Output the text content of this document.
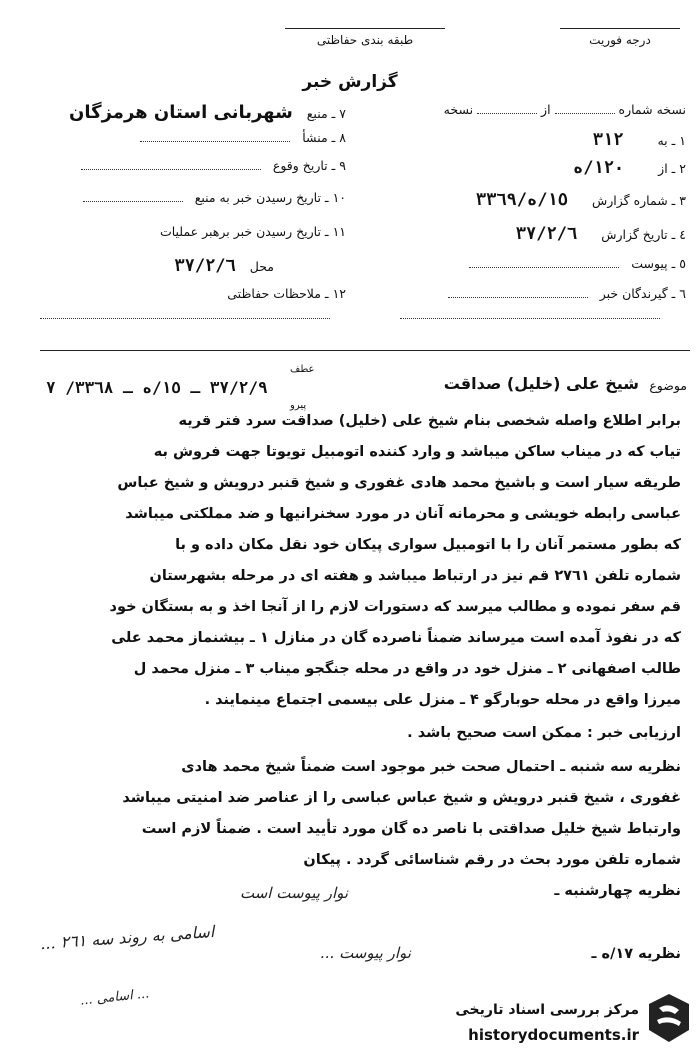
درجه فوریت
طبقه بندی حفاظتی
گزارش خبر
٧ ـ منبع شهربانی استان هرمزگان
٨ ـ منشأ
٩ ـ تاریخ وقوع
١٠ ـ تاریخ رسیدن خبر به منبع
١١ ـ تاریخ رسیدن خبر برهبر عملیات
محل ۳٧/٢/٦
١٢ ـ ملاحظات حفاظتی
نسخه شماره  از  نسخه
١ ـ به ٣١٢
٢ ـ از ١٢٠/ه
٣ ـ شماره گزارش ١٥/ه/٣٣٦٩
٤ ـ تاریخ گزارش ٣٧/٢/٦
٥ ـ پیوست
٦ ـ گیرندگان خبر
موضوع
شیخ علی (خلیل) صداقت
عطف
پیرو
۳٧/٢/٩ ـ ١٥/ه ـ ٣٣٦٨/ ٧
برابر اطلاع واصله شخصی بنام شیخ علی (خلیل) صداقت سرد فتر قریه
تیاب که در میناب ساکن میباشد و وارد کننده اتومبیل تویوتا جهت فروش به
طریقه سیار است و باشیخ محمد هادی غفوری و شیخ قنبر درویش و شیخ عباس
عباسی رابطه خویشی و محرمانه آنان در مورد سخنرانیها و ضد مملکتی میباشد
که بطور مستمر آنان را با اتومبیل سواری پیکان خود نقل مکان داده و با
شماره تلفن ٢٧٦١ قم نیز در ارتباط میباشد و هفته ای در مرحله بشهرستان
قم سفر نموده و مطالب میرسد که دستورات لازم را از آنجا اخذ و به بستگان خود
که در نفوذ آمده است میرساند ضمناً ناصرده گان در منازل ١ ـ بیشنماز محمد علی
طالب اصفهانی ٢ ـ منزل خود در واقع در محله جنگجو میناب ٣ ـ منزل محمد ل
میرزا واقع در محله حوبارگو ۴ ـ منزل علی بیسمی اجتماع مینمایند .
ارزیابی خبر : ممکن است صحیح باشد .
نظریه سه شنبه ـ احتمال صحت خبر موجود است ضمناً شیخ محمد هادی
غفوری ، شیخ قنبر درویش و شیخ عباس عباسی را از عناصر ضد امنیتی میباشد
وارتباط شیخ خلیل صداقتی با ناصر ده گان مورد تأیید است . ضمناً لازم است
شماره تلفن مورد بحث در رقم شناسائی گردد . پیکان
نظریه چهارشنبه ـ
نظریه ١٧/ه ـ
نوار پیوست است
اسامی به روند سه ٢٦١ ...
نوار پیوست ...
... اسامی ...
مرکز بررسی اسناد تاریخی
historydocuments.ir
